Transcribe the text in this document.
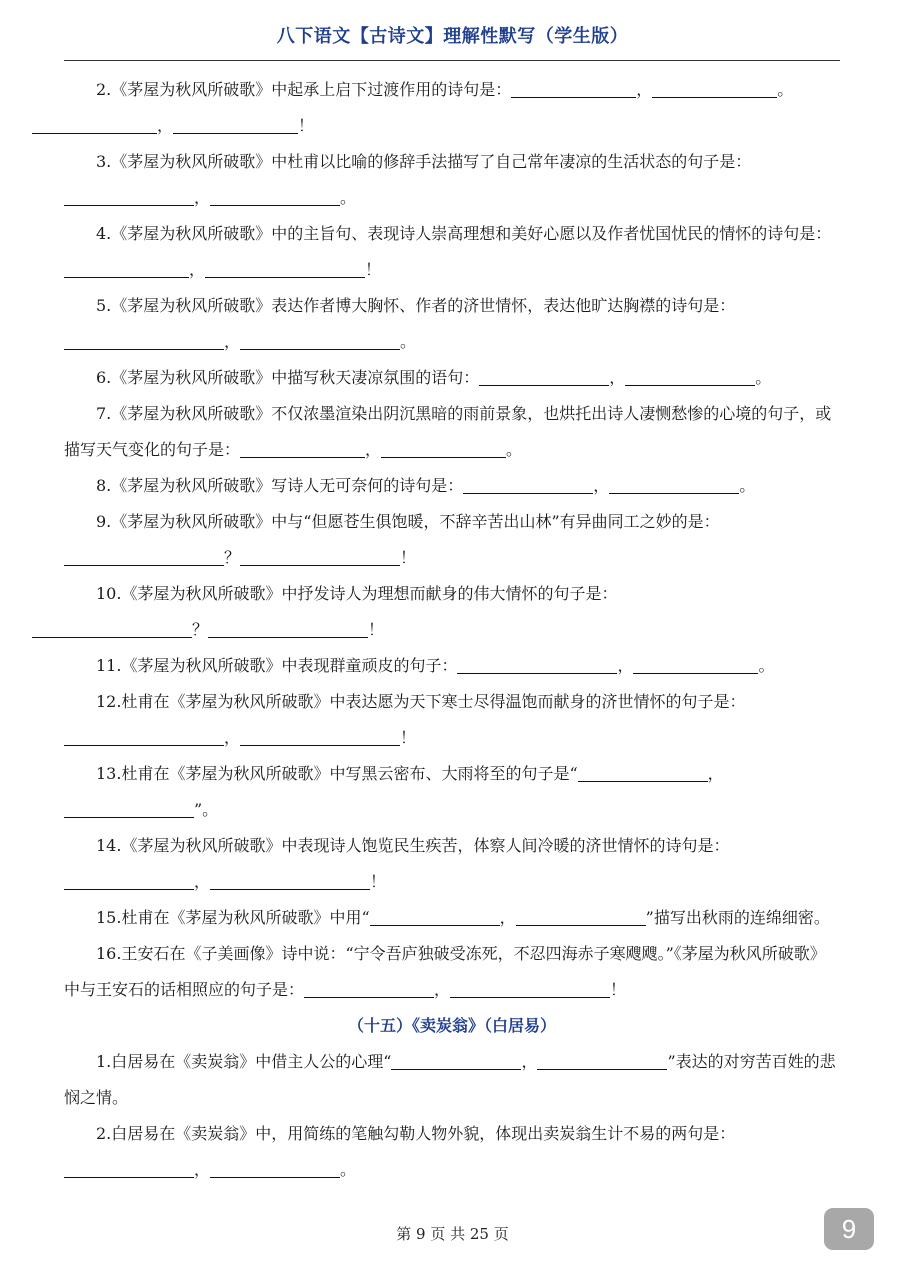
八下语文【古诗文】理解性默写（学生版）

2.《茅屋为秋风所破歌》中起承上启下过渡作用的诗句是：	，	。
，	！

3.《茅屋为秋风所破歌》中杜甫以比喻的修辞手法描写了自己常年凄凉的生活状态的句子是：，	。

4.《茅屋为秋风所破歌》中的主旨句、表现诗人崇高理想和美好心愿以及作者忧国忧民的情怀的诗句是：，	！

5.《茅屋为秋风所破歌》表达作者博大胸怀、作者的济世情怀，表达他旷达胸襟的诗句是：，	。

6.《茅屋为秋风所破歌》中描写秋天凄凉氛围的语句：	，	。

7.《茅屋为秋风所破歌》不仅浓墨渲染出阴沉黑暗的雨前景象，也烘托出诗人凄恻愁惨的心境的句子，或描写天气变化的句子是：	，	。

8.《茅屋为秋风所破歌》写诗人无可奈何的诗句是：	，	。

9.《茅屋为秋风所破歌》中与“但愿苍生俱饱暖，不辞辛苦出山林”有异曲同工之妙的是：？	！

10.《茅屋为秋风所破歌》中抒发诗人为理想而献身的伟大情怀的句子是：
？	！

11.《茅屋为秋风所破歌》中表现群童顽皮的句子：	，	。

12.杜甫在《茅屋为秋风所破歌》中表达愿为天下寒士尽得温饱而献身的济世情怀的句子是：，	！

13.杜甫在《茅屋为秋风所破歌》中写黑云密布、大雨将至的句子是“	，”。

14.《茅屋为秋风所破歌》中表现诗人饱览民生疾苦，体察人间冷暖的济世情怀的诗句是：，	！

15.杜甫在《茅屋为秋风所破歌》中用“	，	”描写出秋雨的连绵细密。

16.王安石在《子美画像》诗中说：“宁令吾庐独破受冻死，不忍四海赤子寒飕飕。”《茅屋为秋风所破歌》中与王安石的话相照应的句子是：	，	！

（十五）《卖炭翁》（白居易）

1.白居易在《卖炭翁》中借主人公的心理“	，	”表达的对穷苦百姓的悲悯之情。

2.白居易在《卖炭翁》中，用简练的笔触勾勒人物外貌，体现出卖炭翁生计不易的两句是：，	。

第 9 页 共 25 页	9
